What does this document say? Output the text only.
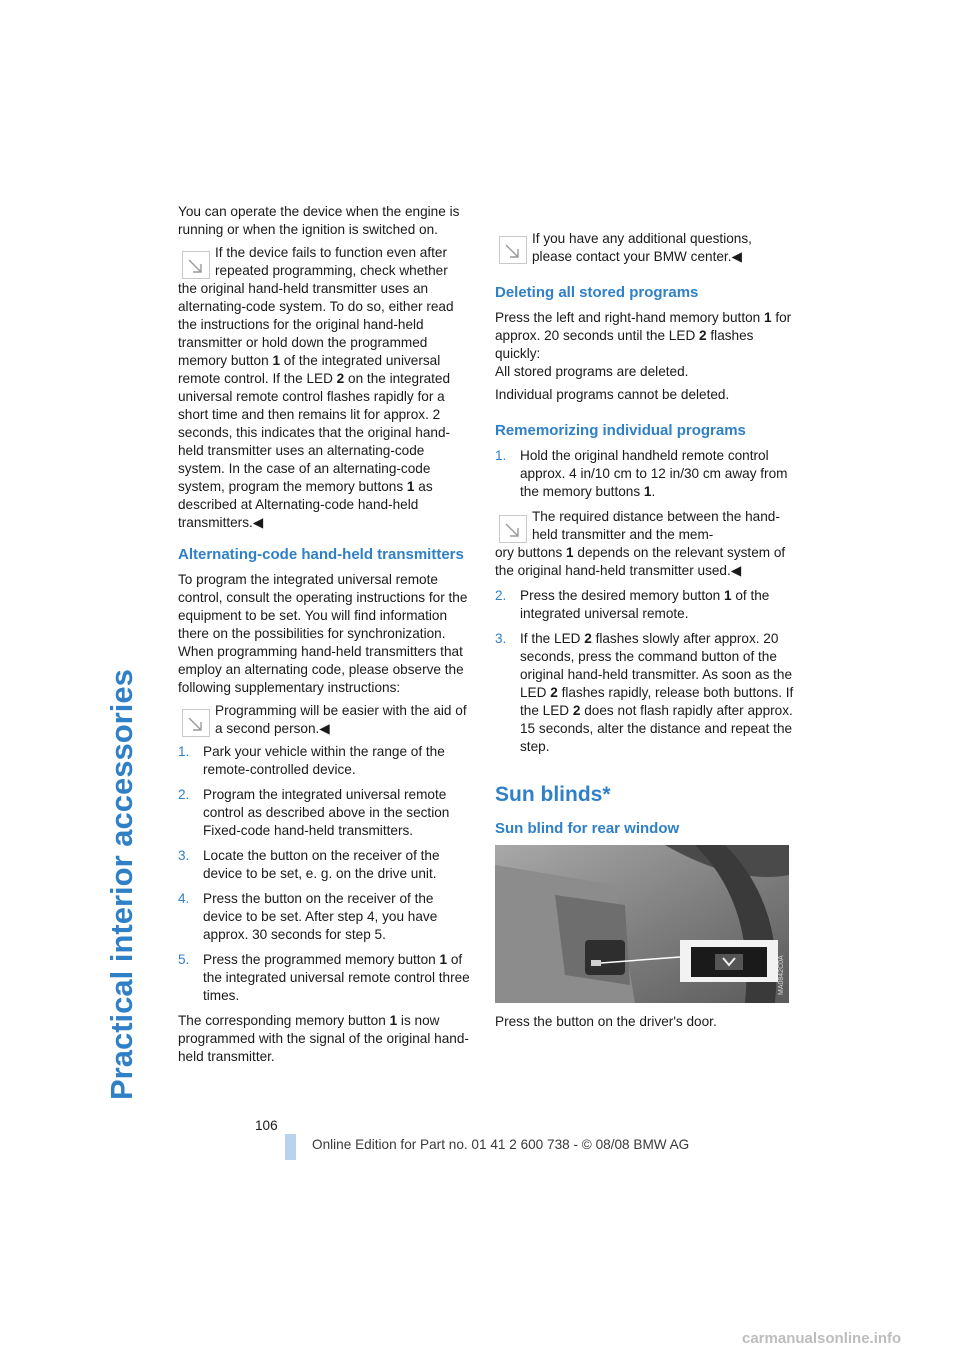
Practical interior accessories

You can operate the device when the engine is running or when the ignition is switched on.

If the device fails to function even after repeated programming, check whether

the original hand-held transmitter uses an alternating-code system. To do so, either read the instructions for the original hand-held transmitter or hold down the programmed memory button 1 of the integrated universal remote control. If the LED 2 on the integrated universal remote control flashes rapidly for a short time and then remains lit for approx. 2 seconds, this indicates that the original hand-held transmitter uses an alternating-code system. In the case of an alternating-code system, program the memory buttons 1 as described at Alternating-code hand-held transmitters.◀

Alternating-code hand-held transmitters

To program the integrated universal remote control, consult the operating instructions for the equipment to be set. You will find information there on the possibilities for synchronization.

When programming hand-held transmitters that employ an alternating code, please observe the following supplementary instructions:

Programming will be easier with the aid of a second person.◀

1. Park your vehicle within the range of the remote-controlled device.
2. Program the integrated universal remote control as described above in the section Fixed-code hand-held transmitters.
3. Locate the button on the receiver of the device to be set, e. g. on the drive unit.
4. Press the button on the receiver of the device to be set. After step 4, you have approx. 30 seconds for step 5.
5. Press the programmed memory button 1 of the integrated universal remote control three times.

The corresponding memory button 1 is now programmed with the signal of the original hand-held transmitter.

If you have any additional questions, please contact your BMW center.◀

Deleting all stored programs

Press the left and right-hand memory button 1 for approx. 20 seconds until the LED 2 flashes quickly:

All stored programs are deleted.

Individual programs cannot be deleted.

Rememorizing individual programs
1. Hold the original handheld remote control approx. 4 in/10 cm to 12 in/30 cm away from the memory buttons 1.

The required distance between the hand-held transmitter and the mem-

ory buttons 1 depends on the relevant system of the original hand-held transmitter used.◀

2. Press the desired memory button 1 of the integrated universal remote.
3. If the LED 2 flashes slowly after approx. 20 seconds, press the command button of the original hand-held transmitter. As soon as the LED 2 flashes rapidly, release both buttons. If the LED 2 does not flash rapidly after approx. 15 seconds, alter the distance and repeat the step.
Sun blinds*
Sun blind for rear window
MA0842C0A

Press the button on the driver's door.

106
Online Edition for Part no. 01 41 2 600 738 - © 08/08 BMW AG
carmanualsonline.info
